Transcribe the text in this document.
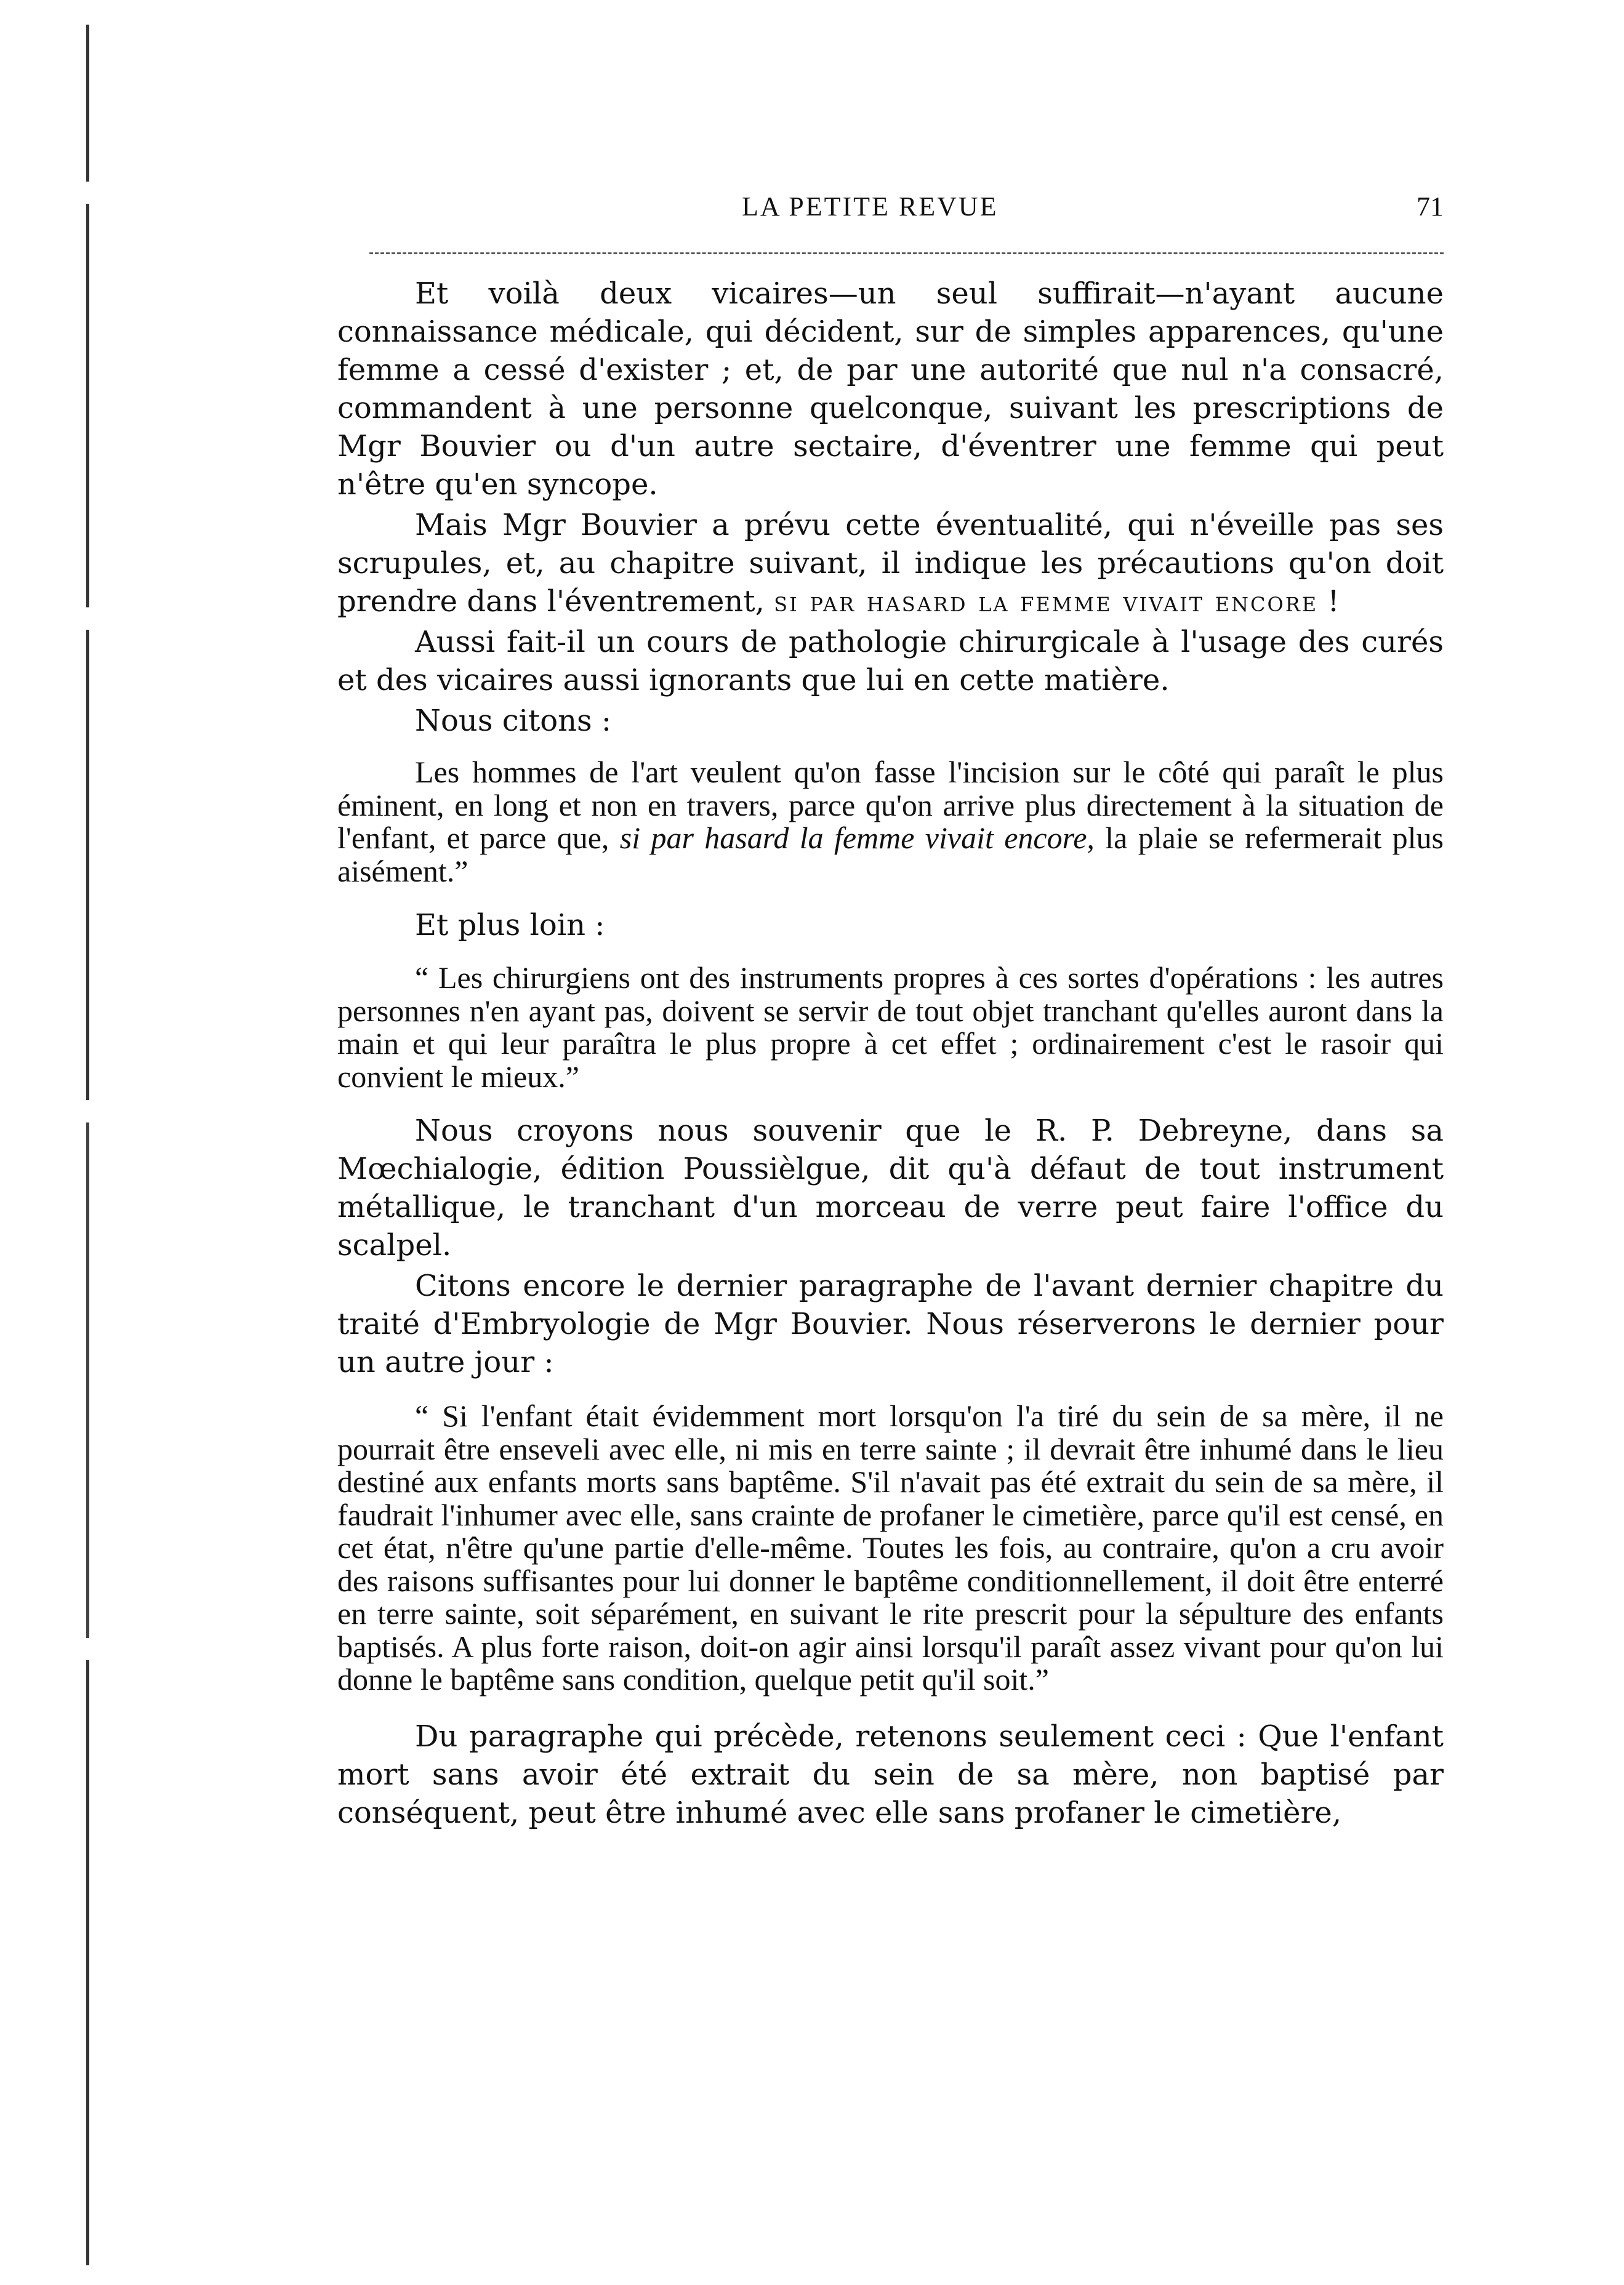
LA PETITE REVUE	71

Et voilà deux vicaires—un seul suffirait—n'ayant aucune connaissance médicale, qui décident, sur de simples apparences, qu'une femme a cessé d'exister ; et, de par une autorité que nul n'a consacré, commandent à une personne quelconque, suivant les prescriptions de Mgr Bouvier ou d'un autre sectaire, d'éventrer une femme qui peut n'être qu'en syncope.

Mais Mgr Bouvier a prévu cette éventualité, qui n'éveille pas ses scrupules, et, au chapitre suivant, il indique les précautions qu'on doit prendre dans l'éventrement, si par hasard la femme vivait encore !

Aussi fait-il un cours de pathologie chirurgicale à l'usage des curés et des vicaires aussi ignorants que lui en cette matière.

Nous citons :

Les hommes de l'art veulent qu'on fasse l'incision sur le côté qui paraît le plus éminent, en long et non en travers, parce qu'on arrive plus directement à la situation de l'enfant, et parce que, si par hasard la femme vivait encore, la plaie se refermerait plus aisément.”

Et plus loin :

“ Les chirurgiens ont des instruments propres à ces sortes d'opérations : les autres personnes n'en ayant pas, doivent se servir de tout objet tranchant qu'elles auront dans la main et qui leur paraîtra le plus propre à cet effet ; ordinairement c'est le rasoir qui convient le mieux.”

Nous croyons nous souvenir que le R. P. Debreyne, dans sa Mœchialogie, édition Poussièlgue, dit qu'à défaut de tout instrument métallique, le tranchant d'un morceau de verre peut faire l'office du scalpel.

Citons encore le dernier paragraphe de l'avant dernier chapitre du traité d'Embryologie de Mgr Bouvier. Nous réserverons le dernier pour un autre jour :

“ Si l'enfant était évidemment mort lorsqu'on l'a tiré du sein de sa mère, il ne pourrait être enseveli avec elle, ni mis en terre sainte ; il devrait être inhumé dans le lieu destiné aux enfants morts sans baptême. S'il n'avait pas été extrait du sein de sa mère, il faudrait l'inhumer avec elle, sans crainte de profaner le cimetière, parce qu'il est censé, en cet état, n'être qu'une partie d'elle-même. Toutes les fois, au contraire, qu'on a cru avoir des raisons suffisantes pour lui donner le baptême conditionnellement, il doit être enterré en terre sainte, soit séparément, en suivant le rite prescrit pour la sépulture des enfants baptisés. A plus forte raison, doit-on agir ainsi lorsqu'il paraît assez vivant pour qu'on lui donne le baptême sans condition, quelque petit qu'il soit.”

Du paragraphe qui précède, retenons seulement ceci : Que l'enfant mort sans avoir été extrait du sein de sa mère, non baptisé par conséquent, peut être inhumé avec elle sans profaner le cimetière,
